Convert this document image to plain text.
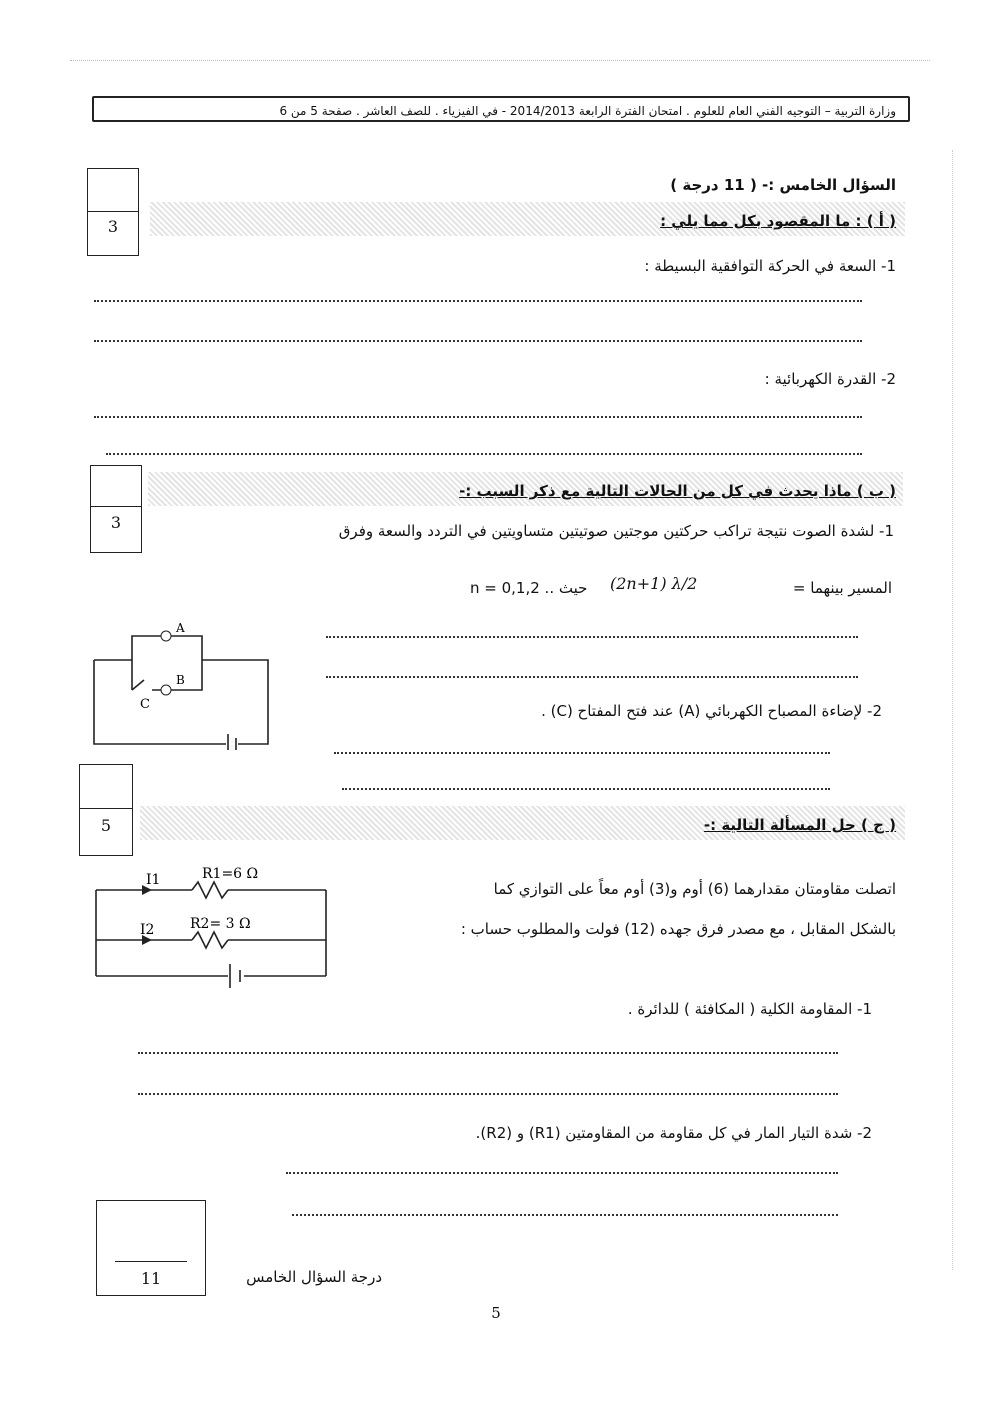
وزارة التربية – التوجيه الفني العام للعلوم . امتحان الفترة الرابعة 2014/2013 - في الفيزياء . للصف العاشر . صفحة 5 من 6
3
السؤال الخامس :- ( 11 درجة )
( أ ) : ما المقصود بكل مما يلي :
1- السعة في الحركة التوافقية البسيطة :
2- القدرة الكهربائية :
3
( ب ) ماذا يحدث في كل من الحالات التالية مع ذكر السبب :-
1- لشدة الصوت نتيجة تراكب حركتين موجتين صوتيتين متساويتين في التردد والسعة وفرق
المسير بينهما =
(2n+1) λ/2
حيث .. n = 0,1,2
2- لإضاءة المصباح الكهربائي (A) عند فتح المفتاح (C) .
A
B
C
5	( ج ) حل المسألة التالية :-
اتصلت مقاومتان مقدارهما (6) أوم و(3) أوم معاً على التوازي كما
بالشكل المقابل ، مع مصدر فرق جهده (12) فولت والمطلوب حساب :
I1
I2
R1=6 Ω
R2= 3 Ω
1- المقاومة الكلية ( المكافئة ) للدائرة .
2- شدة التيار المار في كل مقاومة من المقاومتين (R1) و (R2).
11	درجة السؤال الخامس
5
